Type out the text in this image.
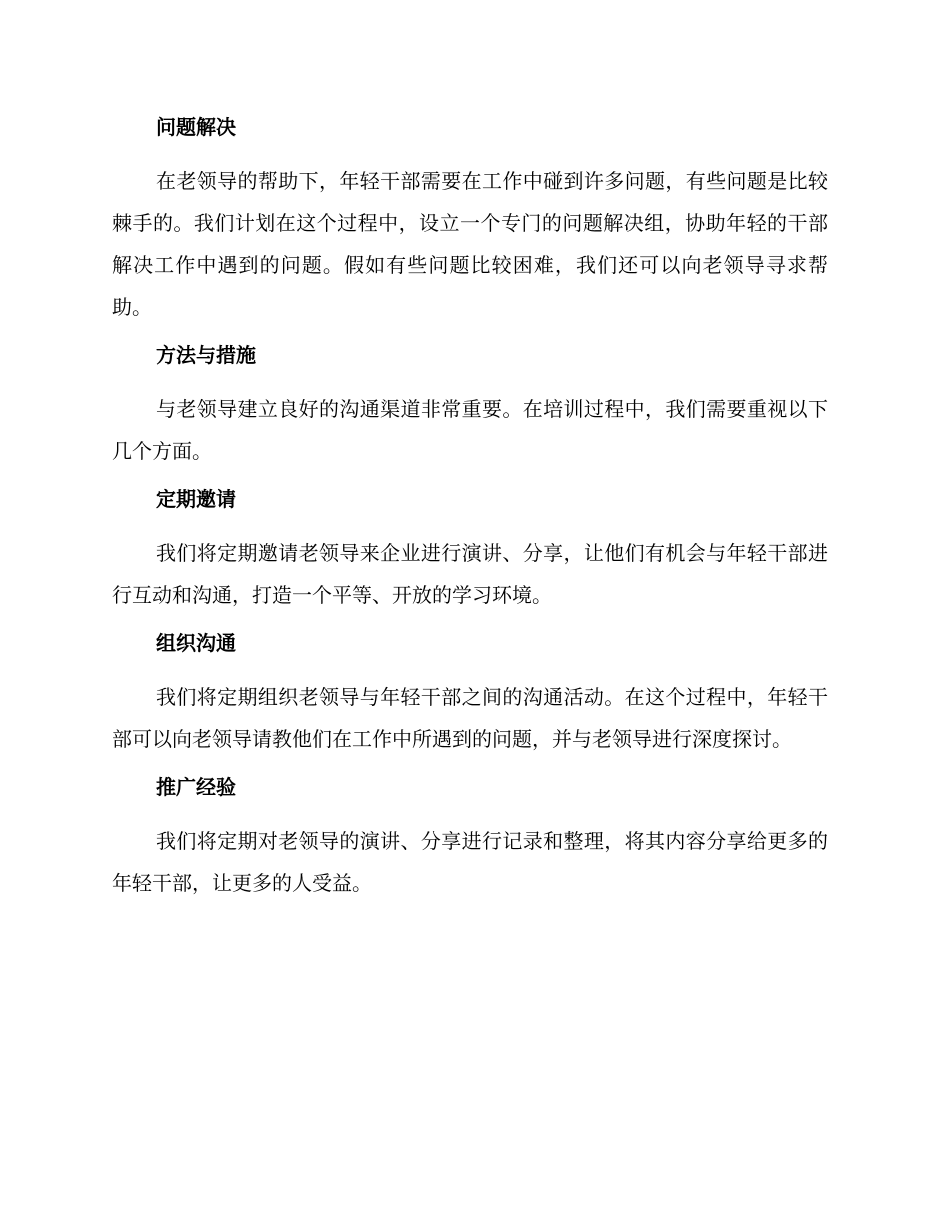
问题解决

在老领导的帮助下，年轻干部需要在工作中碰到许多问题，有些问题是比较棘手的。我们计划在这个过程中，设立一个专门的问题解决组，协助年轻的干部解决工作中遇到的问题。假如有些问题比较困难，我们还可以向老领导寻求帮助。

方法与措施

与老领导建立良好的沟通渠道非常重要。在培训过程中，我们需要重视以下几个方面。

定期邀请

我们将定期邀请老领导来企业进行演讲、分享，让他们有机会与年轻干部进行互动和沟通，打造一个平等、开放的学习环境。

组织沟通

我们将定期组织老领导与年轻干部之间的沟通活动。在这个过程中，年轻干部可以向老领导请教他们在工作中所遇到的问题，并与老领导进行深度探讨。

推广经验

我们将定期对老领导的演讲、分享进行记录和整理，将其内容分享给更多的年轻干部，让更多的人受益。
